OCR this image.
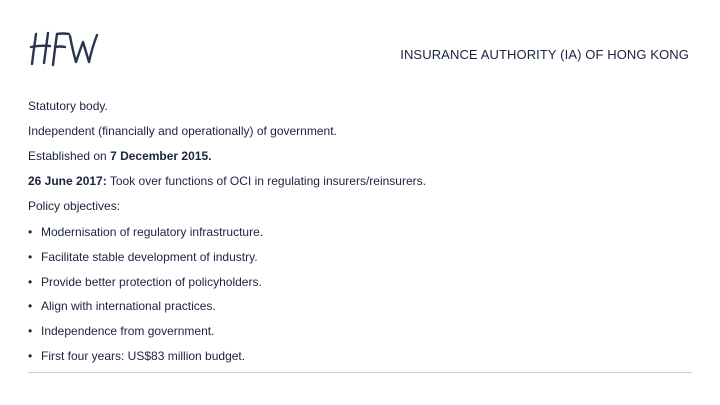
INSURANCE AUTHORITY (IA) OF HONG KONG
Statutory body.
Independent (financially and operationally) of government.
Established on 7 December 2015.
26 June 2017: Took over functions of OCI in regulating insurers/reinsurers.
Policy objectives:
• Modernisation of regulatory infrastructure.
• Facilitate stable development of industry.
• Provide better protection of policyholders.
• Align with international practices.
• Independence from government.
• First four years: US$83 million budget.
